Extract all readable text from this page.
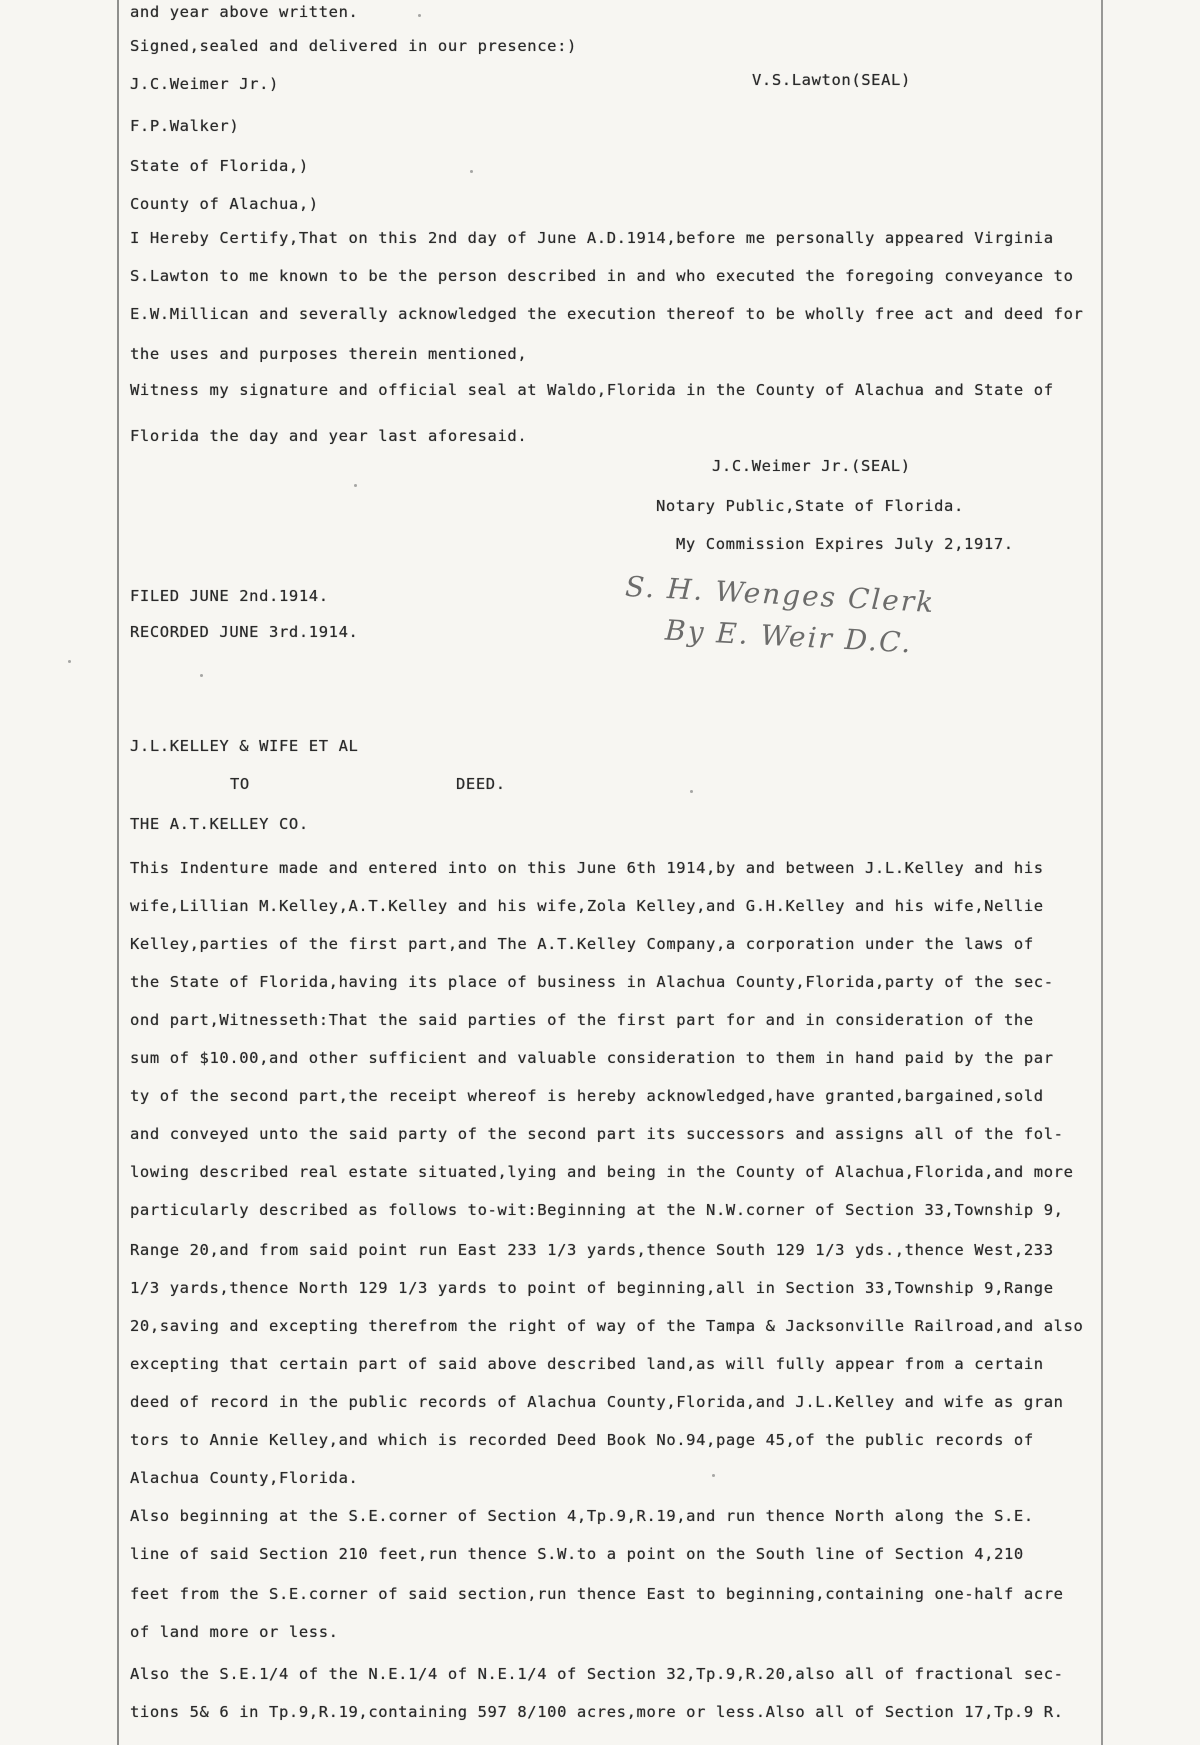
and year above written.
Signed,sealed and delivered in our presence:)
J.C.Weimer Jr.)	V.S.Lawton(SEAL)
F.P.Walker)
State of Florida,)
County of Alachua,)
I Hereby Certify,That on this 2nd day of June A.D.1914,before me personally appeared Virginia
S.Lawton to me known to be the person described in and who executed the foregoing conveyance to
E.W.Millican and severally acknowledged the execution thereof to be wholly free act and deed for
the uses and purposes therein mentioned,
Witness my signature and official seal at Waldo,Florida in the County of Alachua and State of
Florida the day and year last aforesaid.
J.C.Weimer Jr.(SEAL)
Notary Public,State of Florida.
My Commission Expires July 2,1917.
FILED JUNE 2nd.1914.
RECORDED JUNE 3rd.1914.
S. H. Wenges Clerk
By E. Weir D.C.
J.L.KELLEY & WIFE ET AL
TO	DEED.
THE A.T.KELLEY CO.
This Indenture made and entered into on this June 6th 1914,by and between J.L.Kelley and his
wife,Lillian M.Kelley,A.T.Kelley and his wife,Zola Kelley,and G.H.Kelley and his wife,Nellie
Kelley,parties of the first part,and The A.T.Kelley Company,a corporation under the laws of
the State of Florida,having its place of business in Alachua County,Florida,party of the sec-
ond part,Witnesseth:That the said parties of the first part for and in consideration of the
sum of $10.00,and other sufficient and valuable consideration to them in hand paid by the par
ty of the second part,the receipt whereof is hereby acknowledged,have granted,bargained,sold
and conveyed unto the said party of the second part its successors and assigns all of the fol-
lowing described real estate situated,lying and being in the County of Alachua,Florida,and more
particularly described as follows to-wit:Beginning at the N.W.corner of Section 33,Township 9,
Range 20,and from said point run East 233 1/3 yards,thence South 129 1/3 yds.,thence West,233
1/3 yards,thence North 129 1/3 yards to point of beginning,all in Section 33,Township 9,Range
20,saving and excepting therefrom the right of way of the Tampa & Jacksonville Railroad,and also
excepting that certain part of said above described land,as will fully appear from a certain
deed of record in the public records of Alachua County,Florida,and J.L.Kelley and wife as gran
tors to Annie Kelley,and which is recorded Deed Book No.94,page 45,of the public records of
Alachua County,Florida.
Also beginning at the S.E.corner of Section 4,Tp.9,R.19,and run thence North along the S.E.
line of said Section 210 feet,run thence S.W.to a point on the South line of Section 4,210
feet from the S.E.corner of said section,run thence East to beginning,containing one-half acre
of land more or less.
Also the S.E.1/4 of the N.E.1/4 of N.E.1/4 of Section 32,Tp.9,R.20,also all of fractional sec-
tions 5& 6 in Tp.9,R.19,containing 597 8/100 acres,more or less.Also all of Section 17,Tp.9 R.
